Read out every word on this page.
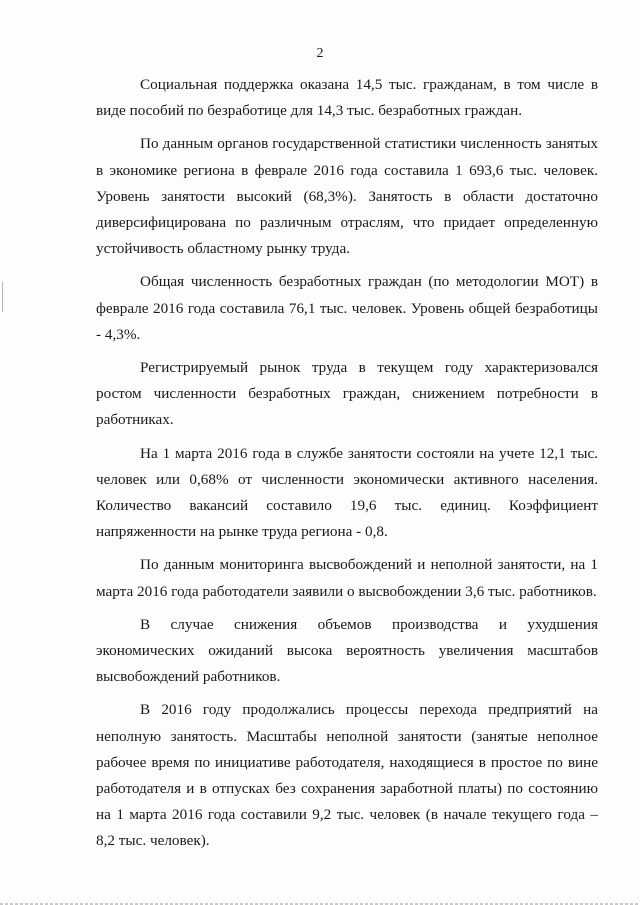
2

Социальная поддержка оказана 14,5 тыс. гражданам, в том числе в виде пособий по безработице для 14,3 тыс. безработных граждан.

По данным органов государственной статистики численность занятых в экономике региона в феврале 2016 года составила 1 693,6 тыс. человек. Уровень занятости высокий (68,3%). Занятость в области достаточно диверсифицирована по различным отраслям, что придает определенную устойчивость областному рынку труда.

Общая численность безработных граждан (по методологии МОТ) в феврале 2016 года составила 76,1 тыс. человек. Уровень общей безработицы - 4,3%.

Регистрируемый рынок труда в текущем году характеризовался ростом численности безработных граждан, снижением потребности в работниках.

На 1 марта 2016 года в службе занятости состояли на учете 12,1 тыс. человек или 0,68% от численности экономически активного населения. Количество вакансий составило 19,6 тыс. единиц. Коэффициент напряженности на рынке труда региона - 0,8.

По данным мониторинга высвобождений и неполной занятости, на 1 марта 2016 года работодатели заявили о высвобождении 3,6 тыс. работников.

В случае снижения объемов производства и ухудшения экономических ожиданий высока вероятность увеличения масштабов высвобождений работников.

В 2016 году продолжались процессы перехода предприятий на неполную занятость. Масштабы неполной занятости (занятые неполное рабочее время по инициативе работодателя, находящиеся в простое по вине работодателя и в отпусках без сохранения заработной платы) по состоянию на 1 марта 2016 года составили 9,2 тыс. человек (в начале текущего года – 8,2 тыс. человек).
